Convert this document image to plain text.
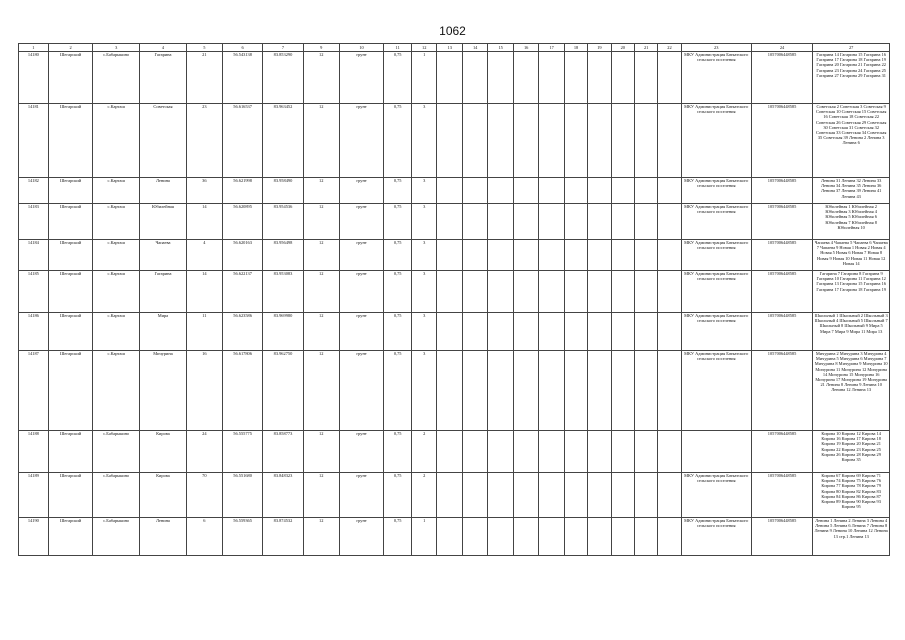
1062
1	2	3	4	5	6	7	9	10	11	12	13	14	15	16	17	18	19	20	21	22	23	24	27
14180	Шегарский	с.Бабарыкино	Гагарина	21	56.543138	83.853290	12	грунт	0,75	1											МКУ Администрация Баткатского сельского поселения	1057006448585	Гагарина 14 Гагарина 15 Гагарина 16 Гагарина 17 Гагарина 18 Гагарина 19 Гагарина 20 Гагарина 21 Гагарина 22 Гагарина 23 Гагарина 24 Гагарина 25 Гагарина 27 Гагарина 29 Гагарина 31
14181	Шегарский	с.Карташ	Советская	23	56.616537	83.963452	12	грунт	0,75	3											МКУ Администрация Баткатского сельского поселения	1057006448585	Советская 2 Советская 3 Советская 9 Советская 10 Советская 15 Советская 16 Советская 18 Советская 22 Советская 26 Советская 29 Советская 30 Советская 31 Советская 32 Советская 33 Советская 34 Советская 35 Советская 39 Ленина 2 Ленина 3 Ленина 6
14182	Шегарский	с.Карташ	Ленина	36	56.621998	83.958490	12	грунт	0,75	3											МКУ Администрация Баткатского сельского поселения	1057006448585	Ленина 31 Ленина 32 Ленина 33 Ленина 34 Ленина 35 Ленина 36 Ленина 37 Ленина 39 Ленина 41 Ленина 43
14183	Шегарский	с.Карташ	Юбилейная	14	56.620895	83.954536	12	грунт	0,75	3											МКУ Администрация Баткатского сельского поселения	1057006448585	Юбилейная 1 Юбилейная 2 Юбилейная 3 Юбилейная 4 Юбилейная 5 Юбилейная 6 Юбилейная 7 Юбилейная 8 Юбилейная 10
14184	Шегарский	с.Карташ	Чапаева	4	56.620163	83.956498	12	грунт	0,75	3											МКУ Администрация Баткатского сельского поселения	1057006448585	Чапаева 4 Чапаева 5 Чапаева 6 Чапаева 7 Чапаева 9 Новая 1 Новая 2 Новая 4 Новая 5 Новая 6 Новая 7 Новая 8 Новая 9 Новая 10 Новая 11 Новая 12 Новая 14
14185	Шегарский	с.Карташ	Гагарина	14	56.622137	83.953083	12	грунт	0,75	3											МКУ Администрация Баткатского сельского поселения	1057006448585	Гагарина 7 Гагарина 8 Гагарина 9 Гагарина 10 Гагарина 11 Гагарина 12 Гагарина 13 Гагарина 15 Гагарина 16 Гагарина 17 Гагарина 18 Гагарина 19
14186	Шегарский	с.Карташ	Мира	11	56.623586	83.969980	12	грунт	0,75	3											МКУ Администрация Баткатского сельского поселения	1057006448585	Школьный 1 Школьный 2 Школьный 3 Школьный 4 Школьный 5 Школьный 7 Школьный 8 Школьный 9 Мира 5 Мира 7 Мира 9 Мира 11 Мира 13
14187	Шегарский	с.Карташ	Мичурина	16	56.617806	83.962750	12	грунт	0,75	3											МКУ Администрация Баткатского сельского поселения	1057006448585	Мичурина 2 Мичурина 3 Мичурина 4 Мичурина 5 Мичурина 6 Мичурина 7 Мичурина 8 Мичурина 9 Мичурина 10 Мичурина 11 Мичурина 12 Мичурина 14 Мичурина 15 Мичурина 16 Мичурина 17 Мичурина 19 Мичурина 21 Ленина 8 Ленина 9 Ленина 10 Ленина 12 Ленина 13
14188	Шегарский	с.Бабарыкино	Кирова	24	56.555775	83.858773	12	грунт	0,75	2												1057006448585	Кирова 10 Кирова 12 Кирова 14 Кирова 16 Кирова 17 Кирова 18 Кирова 19 Кирова 20 Кирова 21 Кирова 22 Кирова 23 Кирова 25 Кирова 26 Кирова 28 Кирова 29 Кирова 35
14189	Шегарский	с.Бабарыкино	Кирова	70	56.551680	83.848323	12	грунт	0,75	2											МКУ Администрация Баткатского сельского поселения	1057006448585	Кирова 67 Кирова 69 Кирова 71 Кирова 74 Кирова 75 Кирова 76 Кирова 77 Кирова 78 Кирова 79 Кирова 80 Кирова 82 Кирова 83 Кирова 84 Кирова 86 Кирова 87 Кирова 89 Кирова 90 Кирова 93 Кирова 95
14190	Шегарский	с.Бабарыкино	Ленина	6	56.559365	83.874532	12	грунт	0,75	1											МКУ Администрация Баткатского сельского поселения	1057006448585	Ленина 1 Ленина 2 Ленина 3 Ленина 4 Ленина 5 Ленина 6 Ленина 7 Ленина 8 Ленина 9 Ленина 10 Ленина 12 Ленина 13 стр.1 Ленина 13
